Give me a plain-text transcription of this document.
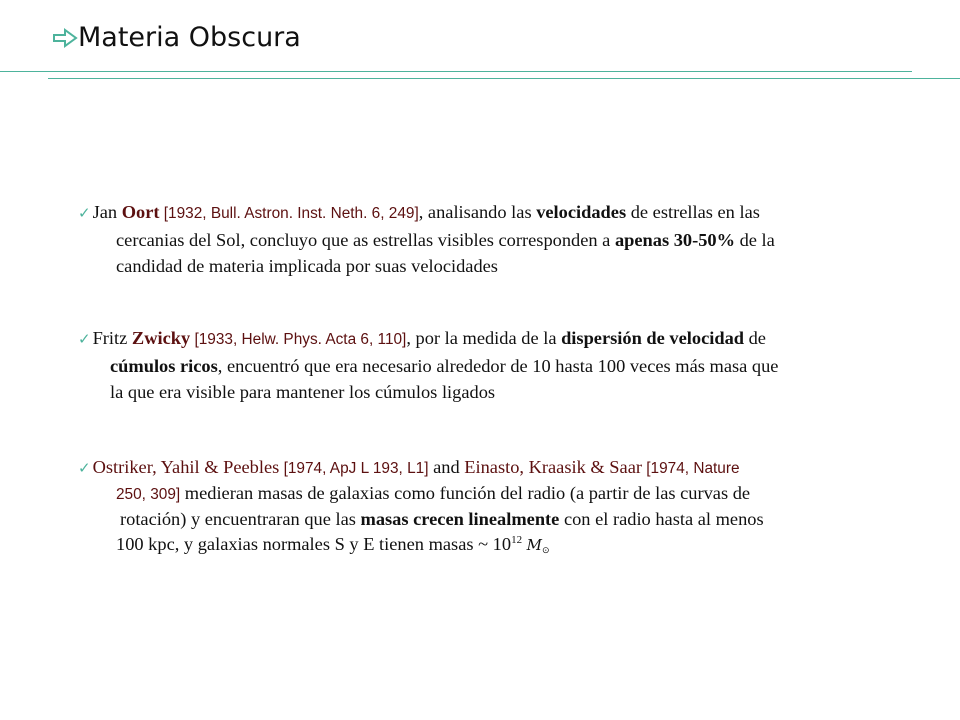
Materia Obscura
✓ Jan Oort [1932, Bull. Astron. Inst. Neth. 6, 249], analisando las velocidades de estrellas en las
cercanias del Sol, concluyo que as estrellas visibles corresponden a apenas 30-50% de la
candidad de materia implicada por suas velocidades
✓ Fritz Zwicky [1933, Helw. Phys. Acta 6, 110], por la medida de la dispersión de velocidad de
cúmulos ricos, encuentró que era necesario alrededor de 10 hasta 100 veces más masa que
la que era visible para mantener los cúmulos ligados
✓ Ostriker, Yahil & Peebles [1974, ApJ L 193, L1] and Einasto, Kraasik & Saar [1974, Nature
250, 309] medieran masas de galaxias como función del radio (a partir de las curvas de
rotación) y encuentraran que las masas crecen linealmente con el radio hasta al menos
100 kpc, y galaxias normales S y E tienen masas ~ $10^{12}$ M⊙
